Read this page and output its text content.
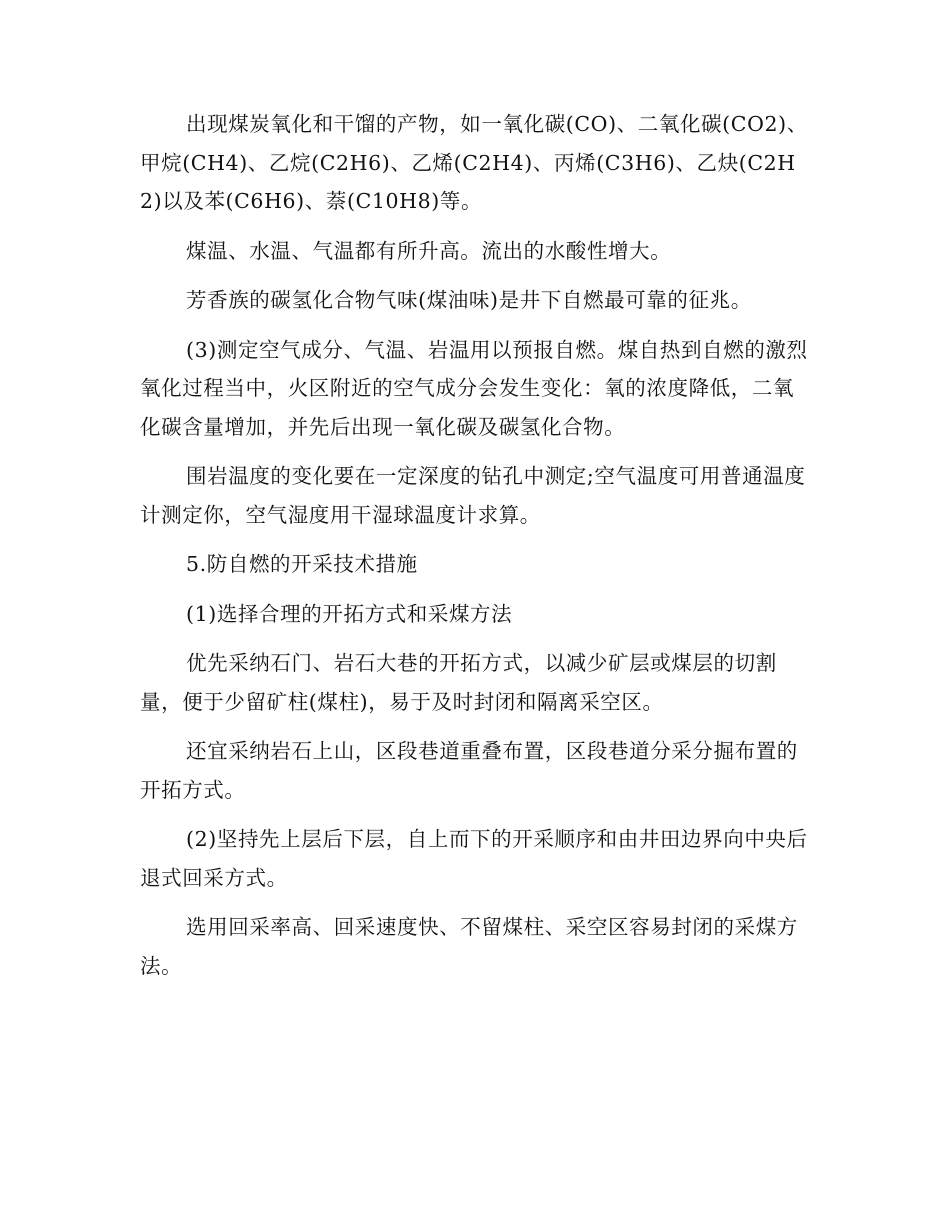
出现煤炭氧化和干馏的产物，如一氧化碳(CO)、二氧化碳(CO2)、甲烷(CH4)、乙烷(C2H6)、乙烯(C2H4)、丙烯(C3H6)、乙炔(C2H2)以及苯(C6H6)、萘(C10H8)等。

煤温、水温、气温都有所升高。流出的水酸性增大。

芳香族的碳氢化合物气味(煤油味)是井下自燃最可靠的征兆。

(3)测定空气成分、气温、岩温用以预报自燃。煤自热到自燃的激烈氧化过程当中，火区附近的空气成分会发生变化：氧的浓度降低，二氧化碳含量增加，并先后出现一氧化碳及碳氢化合物。

围岩温度的变化要在一定深度的钻孔中测定;空气温度可用普通温度计测定你，空气湿度用干湿球温度计求算。

5.防自燃的开采技术措施

(1)选择合理的开拓方式和采煤方法

优先采纳石门、岩石大巷的开拓方式，以减少矿层或煤层的切割量，便于少留矿柱(煤柱)，易于及时封闭和隔离采空区。

还宜采纳岩石上山，区段巷道重叠布置，区段巷道分采分掘布置的开拓方式。

(2)坚持先上层后下层，自上而下的开采顺序和由井田边界向中央后退式回采方式。

选用回采率高、回采速度快、不留煤柱、采空区容易封闭的采煤方法。
